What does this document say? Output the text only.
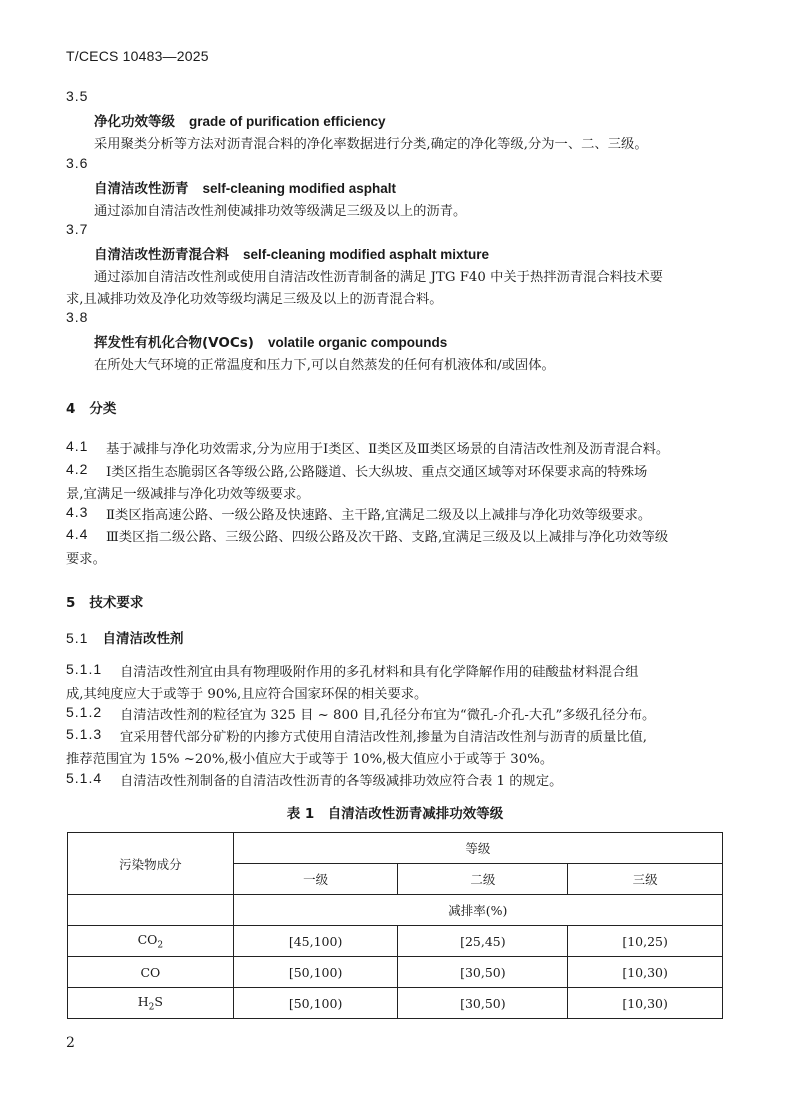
T/CECS 10483—2025
3.5
净化功效等级 grade of purification efficiency
采用聚类分析等方法对沥青混合料的净化率数据进行分类,确定的净化等级,分为一、二、三级。
3.6
自清洁改性沥青 self-cleaning modified asphalt
通过添加自清洁改性剂使减排功效等级满足三级及以上的沥青。
3.7
自清洁改性沥青混合料 self-cleaning modified asphalt mixture
通过添加自清洁改性剂或使用自清洁改性沥青制备的满足 JTG F40 中关于热拌沥青混合料技术要
求,且减排功效及净化功效等级均满足三级及以上的沥青混合料。
3.8
挥发性有机化合物(VOCs) volatile organic compounds
在所处大气环境的正常温度和压力下,可以自然蒸发的任何有机液体和/或固体。
4 分类
4.1 基于减排与净化功效需求,分为应用于Ⅰ类区、Ⅱ类区及Ⅲ类区场景的自清洁改性剂及沥青混合料。
4.2 Ⅰ类区指生态脆弱区各等级公路,公路隧道、长大纵坡、重点交通区域等对环保要求高的特殊场
景,宜满足一级减排与净化功效等级要求。
4.3 Ⅱ类区指高速公路、一级公路及快速路、主干路,宜满足二级及以上减排与净化功效等级要求。
4.4 Ⅲ类区指二级公路、三级公路、四级公路及次干路、支路,宜满足三级及以上减排与净化功效等级
要求。
5 技术要求
5.1 自清洁改性剂
5.1.1 自清洁改性剂宜由具有物理吸附作用的多孔材料和具有化学降解作用的硅酸盐材料混合组
成,其纯度应大于或等于 90%,且应符合国家环保的相关要求。
5.1.2 自清洁改性剂的粒径宜为 325 目 ~ 800 目,孔径分布宜为“微孔-介孔-大孔”多级孔径分布。
5.1.3 宜采用替代部分矿粉的内掺方式使用自清洁改性剂,掺量为自清洁改性剂与沥青的质量比值,
推荐范围宜为 15% ~20%,极小值应大于或等于 10%,极大值应小于或等于 30%。
5.1.4 自清洁改性剂制备的自清洁改性沥青的各等级减排功效应符合表 1 的规定。
表 1　自清洁改性沥青减排功效等级
污染物成分	等级		
	一级	二级	三级
	减排率(%)		
$CO_2$	[45,100)	[25,45)	[10,25)
CO	[50,100)	[30,50)	[10,30)
$H_2S$	[50,100)	[30,50)	[10,30)
2
